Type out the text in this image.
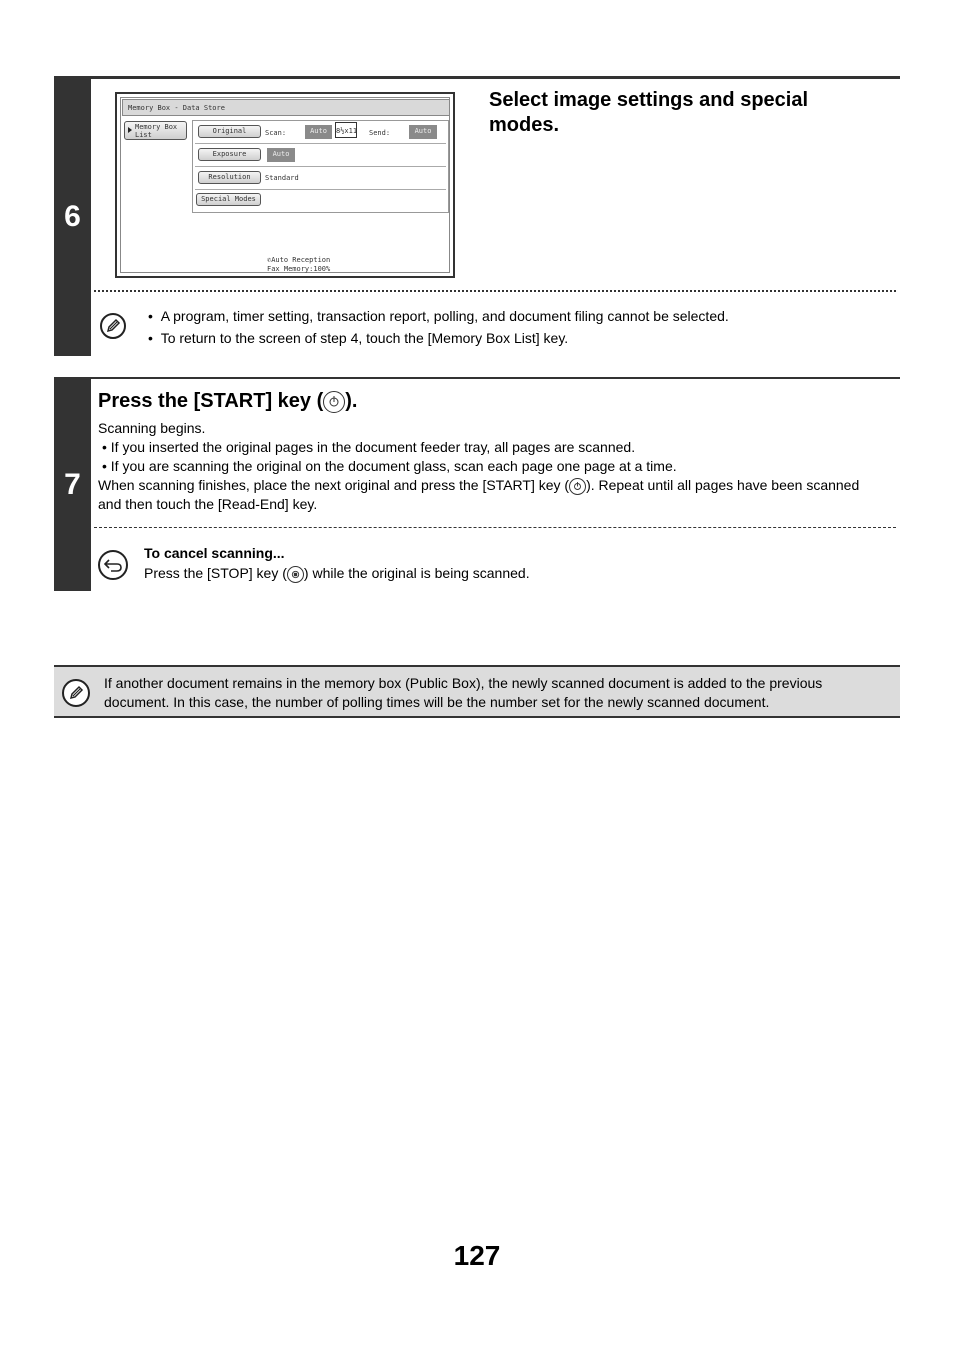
6
Memory Box - Data Store
Memory Box List	Original	Scan:	Auto	8½x11 Send:	Auto
Exposure	Auto
Resolution	Standard
Special Modes
✆Auto Reception
Fax Memory:100%
Select image settings and special modes.
•  A program, timer setting, transaction report, polling, and document filing cannot be selected.
•  To return to the screen of step 4, touch the [Memory Box List] key.
7
Press the [START] key ( ).
Scanning begins.
• If you inserted the original pages in the document feeder tray, all pages are scanned.
• If you are scanning the original on the document glass, scan each page one page at a time.
When scanning finishes, place the next original and press the [START] key ( ). Repeat until all pages have been scanned
and then touch the [Read-End] key.
To cancel scanning...
Press the [STOP] key ( ) while the original is being scanned.
If another document remains in the memory box (Public Box), the newly scanned document is added to the previous
document. In this case, the number of polling times will be the number set for the newly scanned document.
127
